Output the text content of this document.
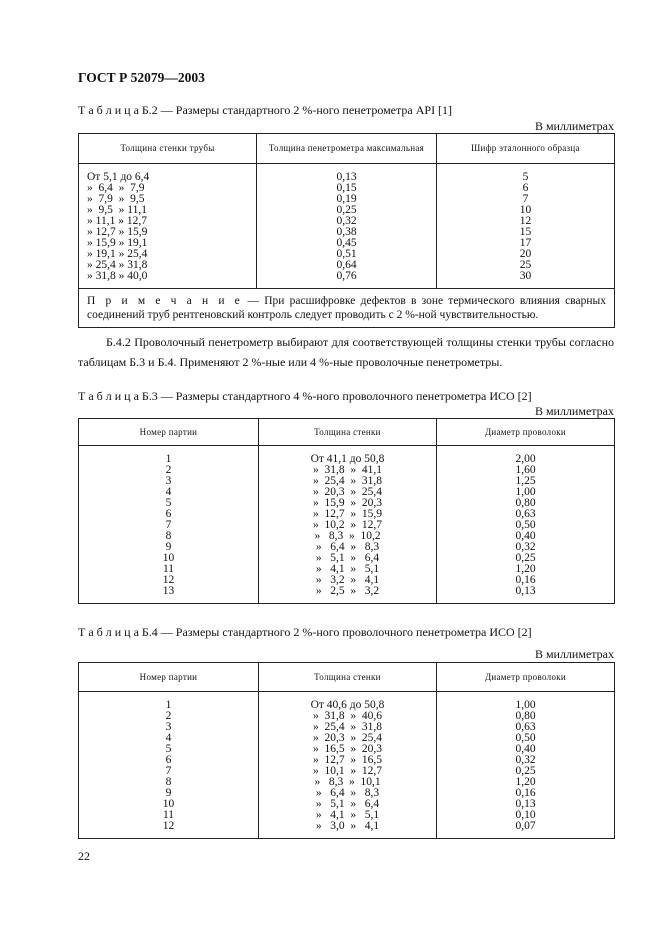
ГОСТ Р 52079—2003
Т а б л и ц а Б.2 — Размеры стандартного 2 %-ного пенетрометра API [1]
В миллиметрах
Толщина стенки трубы	Толщина пенетрометра максимальная	Шифр эталонного образца
От 5,1 до 6,4	0,13	5
»  6,4  »  7,9	0,15	6
»  7,9  »  9,5	0,19	7
»  9,5  » 11,1	0,25	10
» 11,1 » 12,7	0,32	12
» 12,7 » 15,9	0,38	15
» 15,9 » 19,1	0,45	17
» 19,1 » 25,4	0,51	20
» 25,4 » 31,8	0,64	25
» 31,8 » 40,0	0,76	30
П р и м е ч а н и е — При расшифровке дефектов в зоне термического влияния сварных соединений труб рентгеновский контроль следует проводить с 2 %-ной чувствительностью.		
Б.4.2 Проволочный пенетрометр выбирают для соответствующей толщины стенки трубы согласно таблицам Б.3 и Б.4. Применяют 2 %-ные или 4 %-ные проволочные пенетрометры.
Т а б л и ц а Б.3 — Размеры стандартного 4 %-ного проволочного пенетрометра ИСО [2]
В миллиметрах
Номер партии	Толщина стенки	Диаметр проволоки
1	От 41,1 до 50,8	2,00
2	»  31,8  »  41,1	1,60
3	»  25,4  »  31,8	1,25
4	»  20,3  »  25,4	1,00
5	»  15,9  »  20,3	0,80
6	»  12,7  »  15,9	0,63
7	»  10,2  »  12,7	0,50
8	»   8,3  »  10,2	0,40
9	»   6,4  »   8,3	0,32
10	»   5,1  »   6,4	0,25
11	»   4,1  »   5,1	1,20
12	»   3,2  »   4,1	0,16
13	»   2,5  »   3,2	0,13
Т а б л и ц а Б.4 — Размеры стандартного 2 %-ного проволочного пенетрометра ИСО [2]
В миллиметрах
Номер партии	Толщина стенки	Диаметр проволоки
1	От 40,6 до 50,8	1,00
2	»  31,8  »  40,6	0,80
3	»  25,4  »  31,8	0,63
4	»  20,3  »  25,4	0,50
5	»  16,5  »  20,3	0,40
6	»  12,7  »  16,5	0,32
7	»  10,1  »  12,7	0,25
8	»   8,3  »  10,1	1,20
9	»   6,4  »   8,3	0,16
10	»   5,1  »   6,4	0,13
11	»   4,1  »   5,1	0,10
12	»   3,0  »   4,1	0,07
22
